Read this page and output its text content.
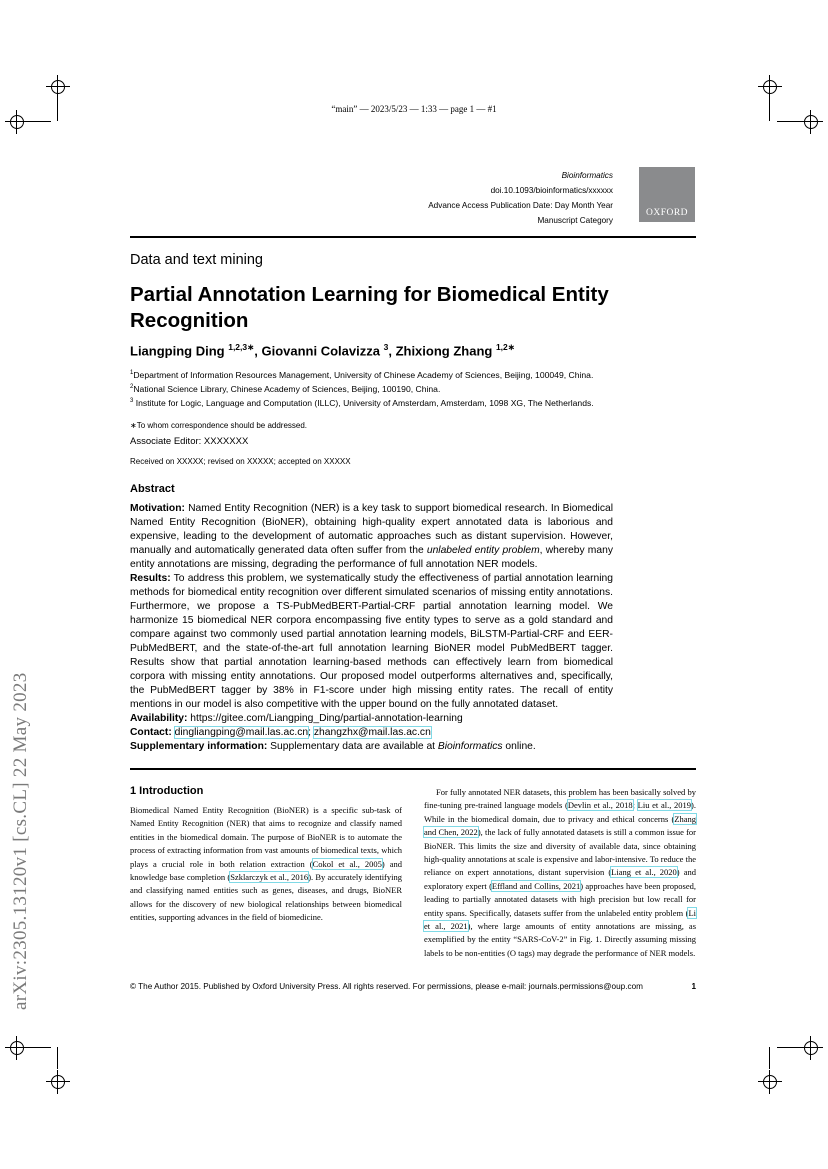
“main” — 2023/5/23 — 1:33 — page 1 — #1
Bioinformatics
doi.10.1093/bioinformatics/xxxxxx
Advance Access Publication Date: Day Month Year
Manuscript Category
OXFORD
Data and text mining
Partial Annotation Learning for Biomedical Entity Recognition
Liangping Ding $^{1,2,3∗}$, Giovanni Colavizza $^3$, Zhixiong Zhang $^{1,2∗}$
$^1$Department of Information Resources Management, University of Chinese Academy of Sciences, Beijing, 100049, China.
$^2$National Science Library, Chinese Academy of Sciences, Beijing, 100190, China.
$^3$ Institute for Logic, Language and Computation (ILLC), University of Amsterdam, Amsterdam, 1098 XG, The Netherlands.
∗To whom correspondence should be addressed.
Associate Editor: XXXXXXX
Received on XXXXX; revised on XXXXX; accepted on XXXXX
Abstract

Motivation: Named Entity Recognition (NER) is a key task to support biomedical research. In Biomedical Named Entity Recognition (BioNER), obtaining high-quality expert annotated data is laborious and expensive, leading to the development of automatic approaches such as distant supervision. However, manually and automatically generated data often suffer from the unlabeled entity problem, whereby many entity annotations are missing, degrading the performance of full annotation NER models.

Results: To address this problem, we systematically study the effectiveness of partial annotation learning methods for biomedical entity recognition over different simulated scenarios of missing entity annotations. Furthermore, we propose a TS-PubMedBERT-Partial-CRF partial annotation learning model. We harmonize 15 biomedical NER corpora encompassing five entity types to serve as a gold standard and compare against two commonly used partial annotation learning models, BiLSTM-Partial-CRF and EER-PubMedBERT, and the state-of-the-art full annotation learning BioNER model PubMedBERT tagger. Results show that partial annotation learning-based methods can effectively learn from biomedical corpora with missing entity annotations. Our proposed model outperforms alternatives and, specifically, the PubMedBERT tagger by 38% in F1-score under high missing entity rates. The recall of entity mentions in our model is also competitive with the upper bound on the fully annotated dataset.

Availability: https://gitee.com/Liangping_Ding/partial-annotation-learning

Contact: dingliangping@mail.las.ac.cn; zhangzhx@mail.las.ac.cn

Supplementary information: Supplementary data are available at Bioinformatics online.

1 Introduction

Biomedical Named Entity Recognition (BioNER) is a specific sub-task of Named Entity Recognition (NER) that aims to recognize and classify named entities in the biomedical domain. The purpose of BioNER is to automate the process of extracting information from vast amounts of biomedical texts, which plays a crucial role in both relation extraction (Cokol et al., 2005) and knowledge base completion (Szklarczyk et al., 2016). By accurately identifying and classifying named entities such as genes, diseases, and drugs, BioNER allows for the discovery of new biological relationships between biomedical entities, supporting advances in the field of biomedicine.

For fully annotated NER datasets, this problem has been basically solved by fine-tuning pre-trained language models (Devlin et al., 2018; Liu et al., 2019). While in the biomedical domain, due to privacy and ethical concerns (Zhang and Chen, 2022), the lack of fully annotated datasets is still a common issue for BioNER. This limits the size and diversity of available data, since obtaining high-quality annotations at scale is expensive and labor-intensive. To reduce the reliance on expert annotations, distant supervision (Liang et al., 2020) and exploratory expert (Effland and Collins, 2021) approaches have been proposed, leading to partially annotated datasets with high precision but low recall for entity spans. Specifically, datasets suffer from the unlabeled entity problem (Li et al., 2021), where large amounts of entity annotations are missing, as exemplified by the entity “SARS-CoV-2” in Fig. 1. Directly assuming missing labels to be non-entities (O tags) may degrade the performance of NER models.

© The Author 2015. Published by Oxford University Press. All rights reserved. For permissions, please e-mail: journals.permissions@oup.com	1
arXiv:2305.13120v1 [cs.CL] 22 May 2023
